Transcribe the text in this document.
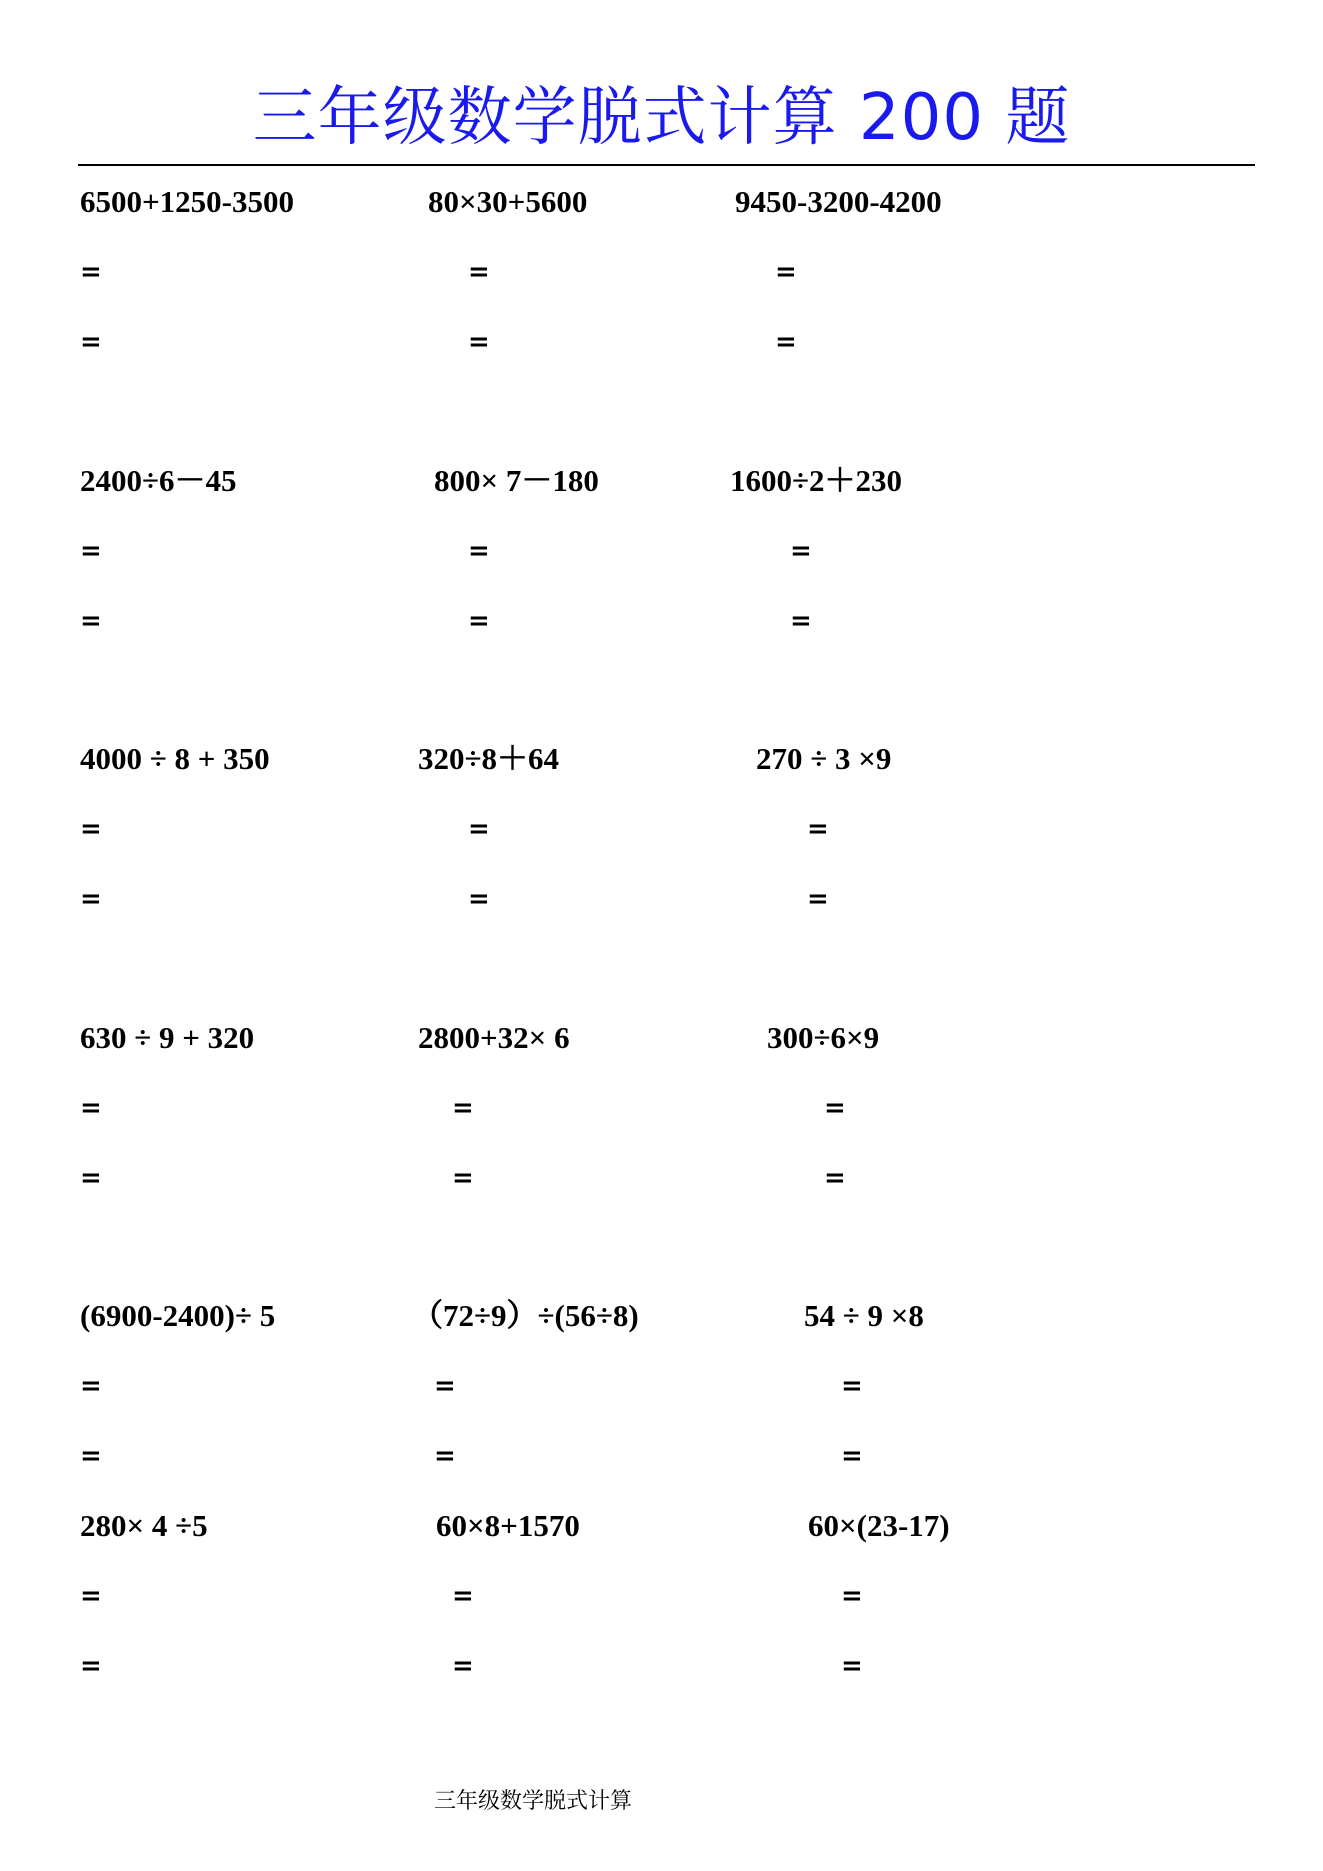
三年级数学脱式计算 200 题
6500+1250-3500
=
=
80×30+5600
=
=
9450-3200-4200
=
=
2400÷6－45
=
=
800× 7－180
=
=
1600÷2＋230
=
=
4000 ÷ 8 + 350
=
=
320÷8＋64
=
=
270 ÷ 3 ×9
=
=
630 ÷ 9 + 320
=
=
2800+32× 6
=
=
300÷6×9
=
=
(6900-2400)÷ 5
=
=
（72÷9）÷(56÷8)
=
=
54 ÷ 9 ×8
=
=
280× 4 ÷5
=
=
60×8+1570
=
=
60×(23-17)
=
=
三年级数学脱式计算
